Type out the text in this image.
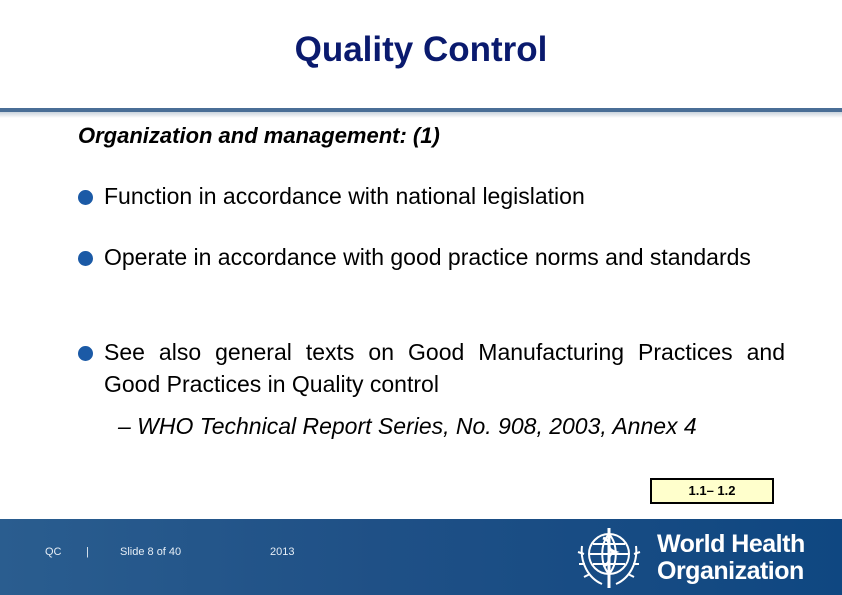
Quality Control
Organization and management: (1)
Function in accordance with national legislation
Operate in accordance with good practice norms and standards
See also general texts on Good Manufacturing Practices and Good Practices in Quality control
– WHO Technical Report Series, No. 908, 2003, Annex 4
1.1– 1.2
QC |	Slide 8 of 40	2013	World Health
Organization
